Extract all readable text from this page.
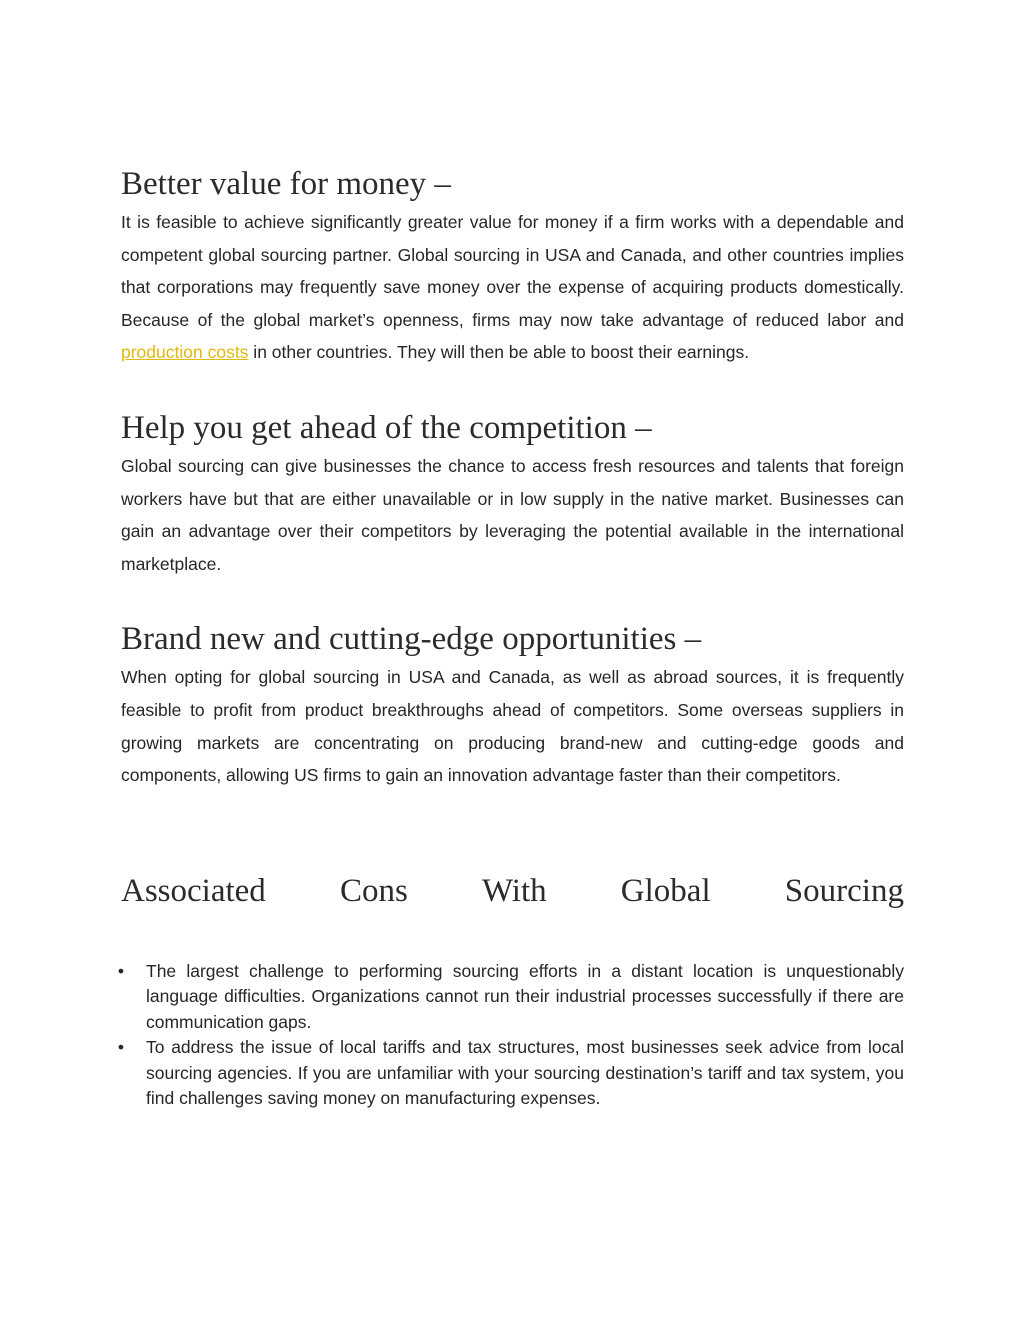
Better value for money –

It is feasible to achieve significantly greater value for money if a firm works with a dependable and competent global sourcing partner. Global sourcing in USA and Canada, and other countries implies that corporations may frequently save money over the expense of acquiring products domestically. Because of the global market’s openness, firms may now take advantage of reduced labor and production costs in other countries. They will then be able to boost their earnings.

Help you get ahead of the competition –

Global sourcing can give businesses the chance to access fresh resources and talents that foreign workers have but that are either unavailable or in low supply in the native market. Businesses can gain an advantage over their competitors by leveraging the potential available in the international marketplace.

Brand new and cutting-edge opportunities –

When opting for global sourcing in USA and Canada, as well as abroad sources, it is frequently feasible to profit from product breakthroughs ahead of competitors. Some overseas suppliers in growing markets are concentrating on producing brand-new and cutting-edge goods and components, allowing US firms to gain an innovation advantage faster than their competitors.

Associated Cons With Global Sourcing
• The largest challenge to performing sourcing efforts in a distant location is unquestionably language difficulties. Organizations cannot run their industrial processes successfully if there are communication gaps.
• To address the issue of local tariffs and tax structures, most businesses seek advice from local sourcing agencies. If you are unfamiliar with your sourcing destination’s tariff and tax system, you find challenges saving money on manufacturing expenses.
